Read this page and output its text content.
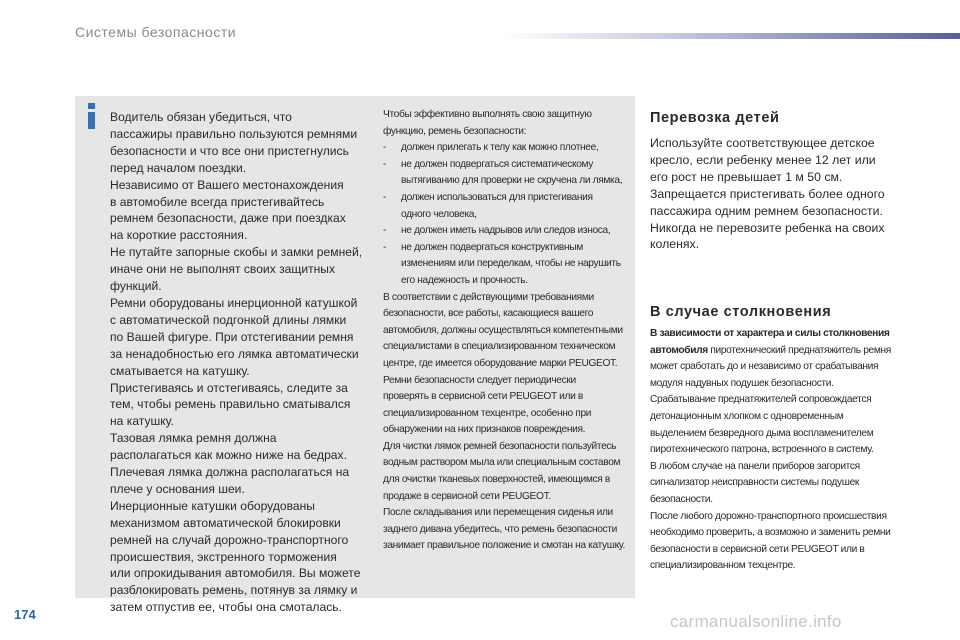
Системы безопасности
Водитель обязан убедиться, что
пассажиры правильно пользуются ремнями
безопасности и что все они пристегнулись
перед началом поездки.
Независимо от Вашего местонахождения
в автомобиле всегда пристегивайтесь
ремнем безопасности, даже при поездках
на короткие расстояния.
Не путайте запорные скобы и замки ремней,
иначе они не выполнят своих защитных
функций.
Ремни оборудованы инерционной катушкой
с автоматической подгонкой длины лямки
по Вашей фигуре. При отстегивании ремня
за ненадобностью его лямка автоматически
сматывается на катушку.
Пристегиваясь и отстегиваясь, следите за
тем, чтобы ремень правильно сматывался
на катушку.
Тазовая лямка ремня должна
располагаться как можно ниже на бедрах.
Плечевая лямка должна располагаться на
плече у основания шеи.
Инерционные катушки оборудованы
механизмом автоматической блокировки
ремней на случай дорожно-транспортного
происшествия, экстренного торможения
или опрокидывания автомобиля. Вы можете
разблокировать ремень, потянув за лямку и
затем отпустив ее, чтобы она смоталась.
Чтобы эффективно выполнять свою защитную
функцию, ремень безопасности:
- должен прилегать к телу как можно плотнее,
- не должен подвергаться систематическому
вытягиванию для проверки не скручена ли лямка,
- должен использоваться для пристегивания
одного человека,
- не должен иметь надрывов или следов износа,
- не должен подвергаться конструктивным
изменениям или переделкам, чтобы не нарушить
его надежность и прочность.
В соответствии с действующими требованиями
безопасности, все работы, касающиеся вашего
автомобиля, должны осуществляться компетентными
специалистами в специализированном техническом
центре, где имеется оборудование марки PEUGEOT.
Ремни безопасности следует периодически
проверять в сервисной сети PEUGEOT или в
специализированном техцентре, особенно при
обнаружении на них признаков повреждения.
Для чистки лямок ремней безопасности пользуйтесь
водным раствором мыла или специальным составом
для очистки тканевых поверхностей, имеющимся в
продаже в сервисной сети PEUGEOT.
После складывания или перемещения сиденья или
заднего дивана убедитесь, что ремень безопасности
занимает правильное положение и смотан на катушку.
Перевозка детей
Используйте соответствующее детское
кресло, если ребенку менее 12 лет или
его рост не превышает 1 м 50 см.
Запрещается пристегивать более одного
пассажира одним ремнем безопасности.
Никогда не перевозите ребенка на своих
коленях.
В случае столкновения
В зависимости от характера и силы столкновения
автомобиля пиротехнический преднатяжитель ремня
может сработать до и независимо от срабатывания
модуля надувных подушек безопасности.
Срабатывание преднатяжителей сопровождается
детонационным хлопком с одновременным
выделением безвредного дыма воспламенителем
пиротехнического патрона, встроенного в систему.
В любом случае на панели приборов загорится
сигнализатор неисправности системы подушек
безопасности.
После любого дорожно-транспортного происшествия
необходимо проверить, а возможно и заменить ремни
безопасности в сервисной сети PEUGEOT или в
специализированном техцентре.
174	carmanualsonline.info
